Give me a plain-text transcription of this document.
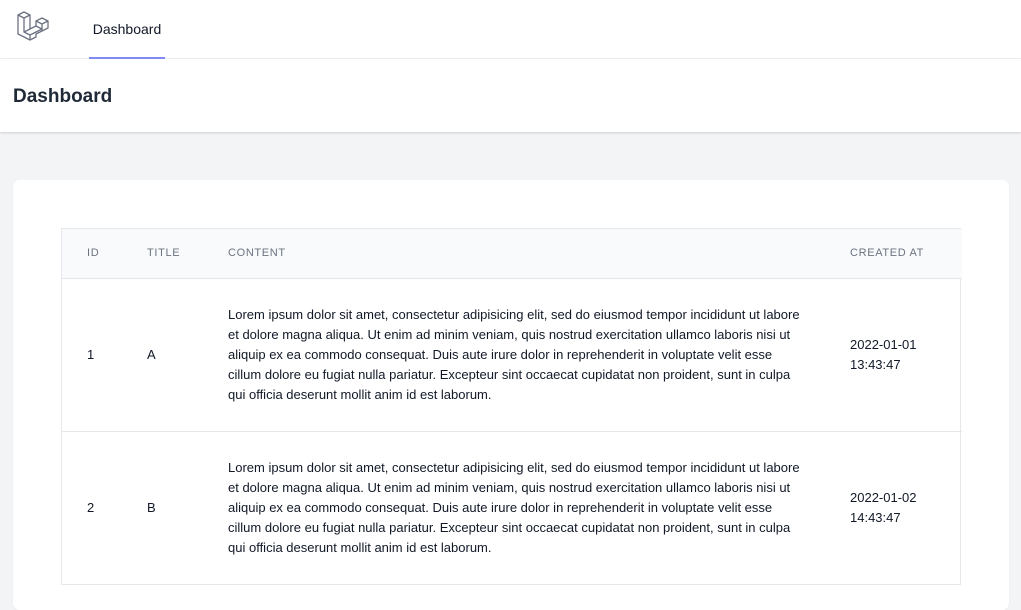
Dashboard
Dashboard
ID	TITLE	CONTENT	CREATED AT
1	A	Lorem ipsum dolor sit amet, consectetur adipisicing elit, sed do eiusmod tempor incididunt ut labore et dolore magna aliqua. Ut enim ad minim veniam, quis nostrud exercitation ullamco laboris nisi ut aliquip ex ea commodo consequat. Duis aute irure dolor in reprehenderit in voluptate velit esse cillum dolore eu fugiat nulla pariatur. Excepteur sint occaecat cupidatat non proident, sunt in culpa qui officia deserunt mollit anim id est laborum.	2022-01-01 13:43:47
2	B	Lorem ipsum dolor sit amet, consectetur adipisicing elit, sed do eiusmod tempor incididunt ut labore et dolore magna aliqua. Ut enim ad minim veniam, quis nostrud exercitation ullamco laboris nisi ut aliquip ex ea commodo consequat. Duis aute irure dolor in reprehenderit in voluptate velit esse cillum dolore eu fugiat nulla pariatur. Excepteur sint occaecat cupidatat non proident, sunt in culpa qui officia deserunt mollit anim id est laborum.	2022-01-02 14:43:47
